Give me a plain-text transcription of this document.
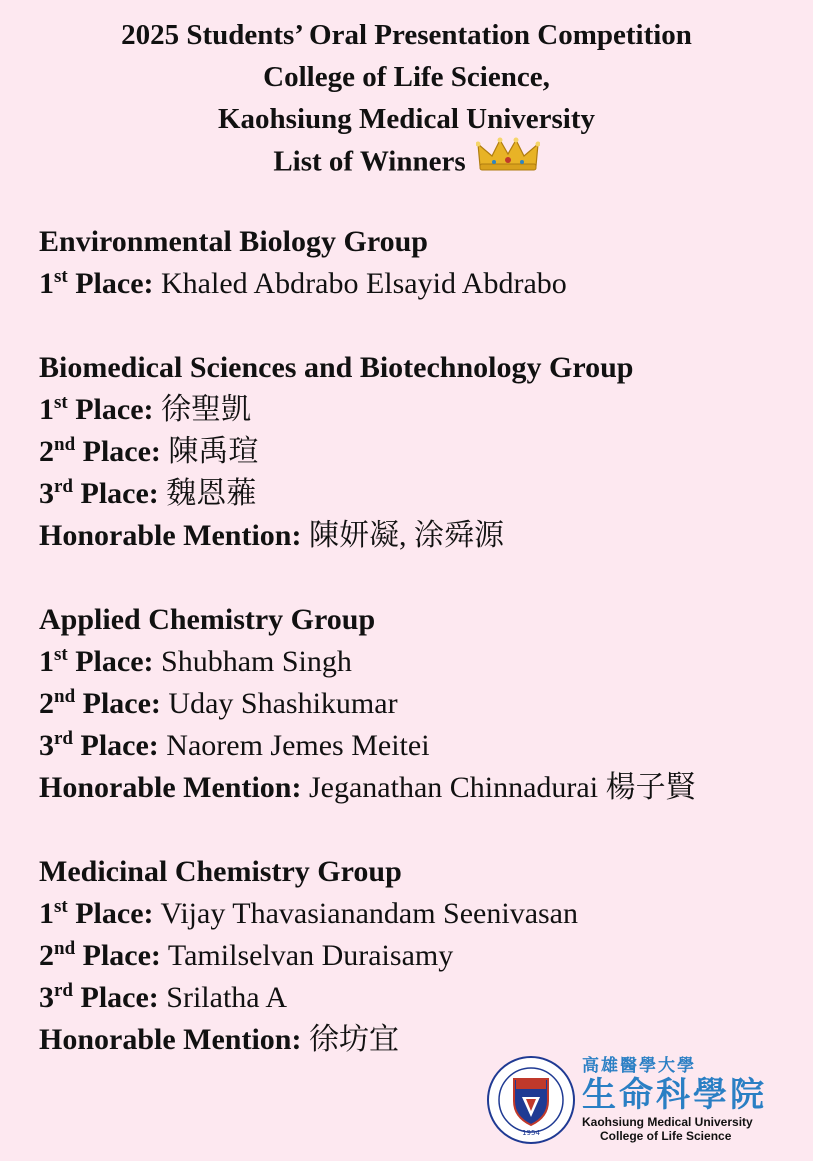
2025 Students’ Oral Presentation Competition
College of Life Science,
Kaohsiung Medical University
List of Winners
Environmental Biology Group
1st Place: Khaled Abdrabo Elsayid Abdrabo
Biomedical Sciences and Biotechnology Group
1st Place: 徐聖凱
2nd Place: 陳禹瑄
3rd Place: 魏恩蕥
Honorable Mention: 陳妍凝, 涂舜源
Applied Chemistry Group
1st Place: Shubham Singh
2nd Place: Uday Shashikumar
3rd Place: Naorem Jemes Meitei
Honorable Mention: Jeganathan Chinnadurai 楊子賢
Medicinal Chemistry Group
1st Place: Vijay Thavasianandam Seenivasan
2nd Place: Tamilselvan Duraisamy
3rd Place: Srilatha A
Honorable Mention: 徐坊宜
1954
高雄醫學大學
生命科學院
Kaohsiung Medical University
College of Life Science
